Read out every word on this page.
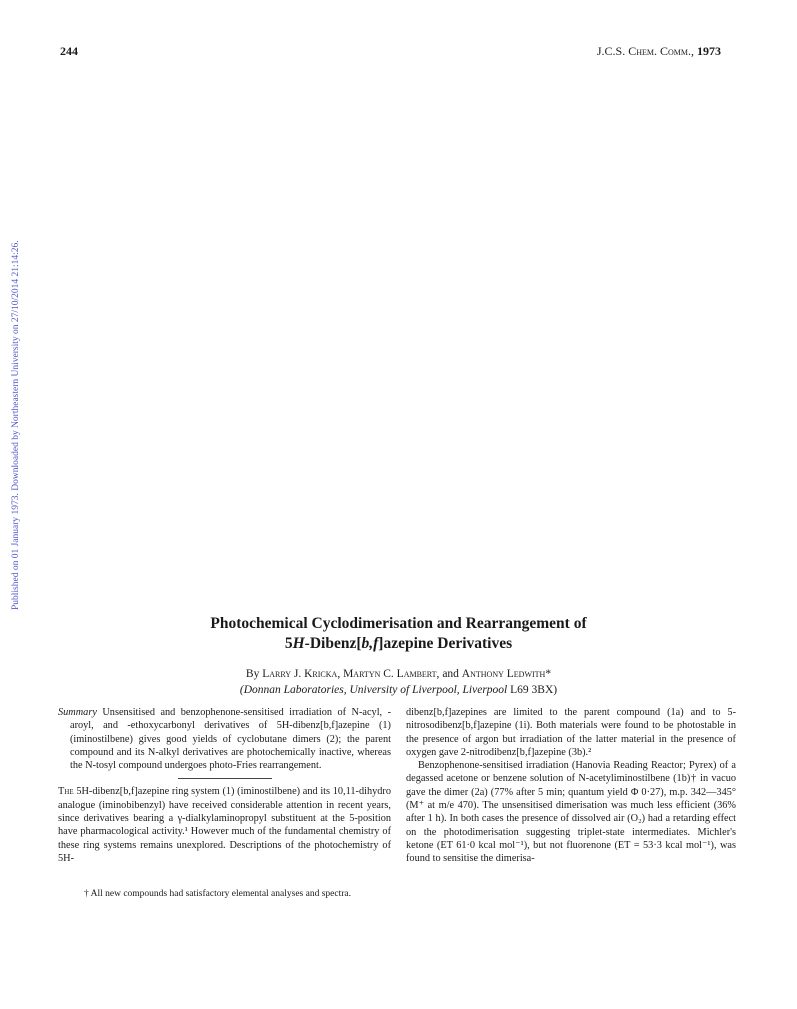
244	J.C.S. Chem. Comm., 1973
Published on 01 January 1973. Downloaded by Northeastern University on 27/10/2014 21:14:26.
Photochemical Cyclodimerisation and Rearrangement of
5H-Dibenz[b,f]azepine Derivatives
By Larry J. Kricka, Martyn C. Lambert, and Anthony Ledwith*
(Donnan Laboratories, University of Liverpool, Liverpool L69 3BX)

Summary Unsensitised and benzophenone-sensitised irradiation of N-acyl, -aroyl, and -ethoxycarbonyl derivatives of 5H-dibenz[b,f]azepine (1) (iminostilbene) gives good yields of cyclobutane dimers (2); the parent compound and its N-alkyl derivatives are photochemically inactive, whereas the N-tosyl compound undergoes photo-Fries rearrangement.

The 5H-dibenz[b,f]azepine ring system (1) (iminostilbene) and its 10,11-dihydro analogue (iminobibenzyl) have received considerable attention in recent years, since derivatives bearing a γ-dialkylaminopropyl substituent at the 5-position have pharmacological activity.¹ However much of the fundamental chemistry of these ring systems remains unexplored. Descriptions of the photochemistry of 5H-

dibenz[b,f]azepines are limited to the parent compound (1a) and to 5-nitrosodibenz[b,f]azepine (1i). Both materials were found to be photostable in the presence of argon but irradiation of the latter material in the presence of oxygen gave 2-nitrodibenz[b,f]azepine (3b).²

Benzophenone-sensitised irradiation (Hanovia Reading Reactor; Pyrex) of a degassed acetone or benzene solution of N-acetyliminostilbene (1b)† in vacuo gave the dimer (2a) (77% after 5 min; quantum yield Φ 0·27), m.p. 342—345° (M⁺ at m/e 470). The unsensitised dimerisation was much less efficient (36% after 1 h). In both cases the presence of dissolved air (O₂) had a retarding effect on the photodimerisation suggesting triplet-state intermediates. Michler's ketone (ET 61·0 kcal mol⁻¹), but not fluorenone (ET = 53·3 kcal mol⁻¹), was found to sensitise the dimerisa-

† All new compounds had satisfactory elemental analyses and spectra.
